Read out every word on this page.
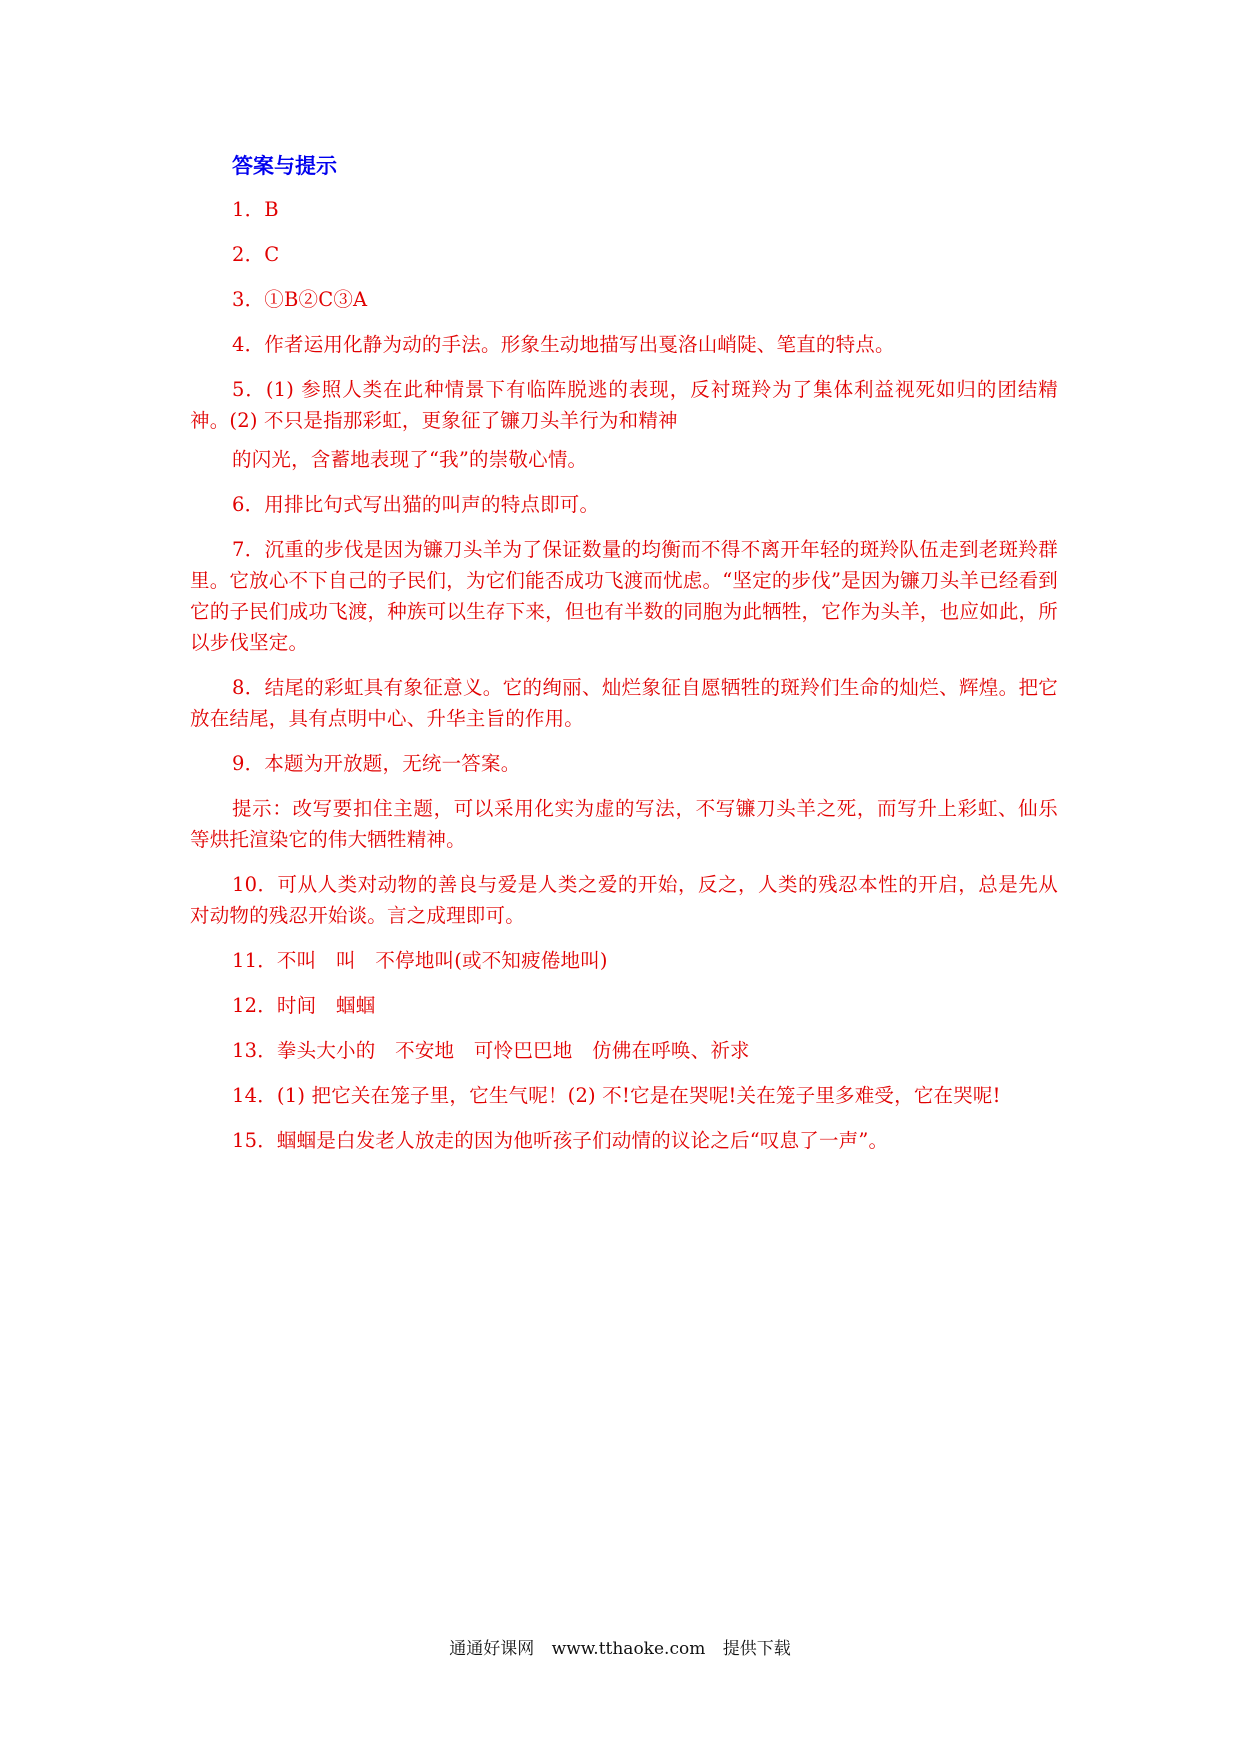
答案与提示

1．B

2．C

3．①B②C③A

4．作者运用化静为动的手法。形象生动地描写出戛洛山峭陡、笔直的特点。

5．(1) 参照人类在此种情景下有临阵脱逃的表现，反衬斑羚为了集体利益视死如归的团结精神。(2) 不只是指那彩虹，更象征了镰刀头羊行为和精神

的闪光，含蓄地表现了“我”的崇敬心情。

6．用排比句式写出猫的叫声的特点即可。

7．沉重的步伐是因为镰刀头羊为了保证数量的均衡而不得不离开年轻的斑羚队伍走到老斑羚群里。它放心不下自己的子民们，为它们能否成功飞渡而忧虑。“坚定的步伐”是因为镰刀头羊已经看到它的子民们成功飞渡，种族可以生存下来，但也有半数的同胞为此牺牲，它作为头羊，也应如此，所以步伐坚定。

8．结尾的彩虹具有象征意义。它的绚丽、灿烂象征自愿牺牲的斑羚们生命的灿烂、辉煌。把它放在结尾，具有点明中心、升华主旨的作用。

9．本题为开放题，无统一答案。

提示：改写要扣住主题，可以采用化实为虚的写法，不写镰刀头羊之死，而写升上彩虹、仙乐等烘托渲染它的伟大牺牲精神。

10．可从人类对动物的善良与爱是人类之爱的开始，反之，人类的残忍本性的开启，总是先从对动物的残忍开始谈。言之成理即可。

11．不叫　叫　不停地叫(或不知疲倦地叫)

12．时间　蝈蝈

13．拳头大小的　不安地　可怜巴巴地　仿佛在呼唤、祈求

14．(1) 把它关在笼子里，它生气呢！(2) 不!它是在哭呢!关在笼子里多难受，它在哭呢!

15．蝈蝈是白发老人放走的因为他听孩子们动情的议论之后“叹息了一声”。

通通好课网 www.tthaoke.com 提供下载
